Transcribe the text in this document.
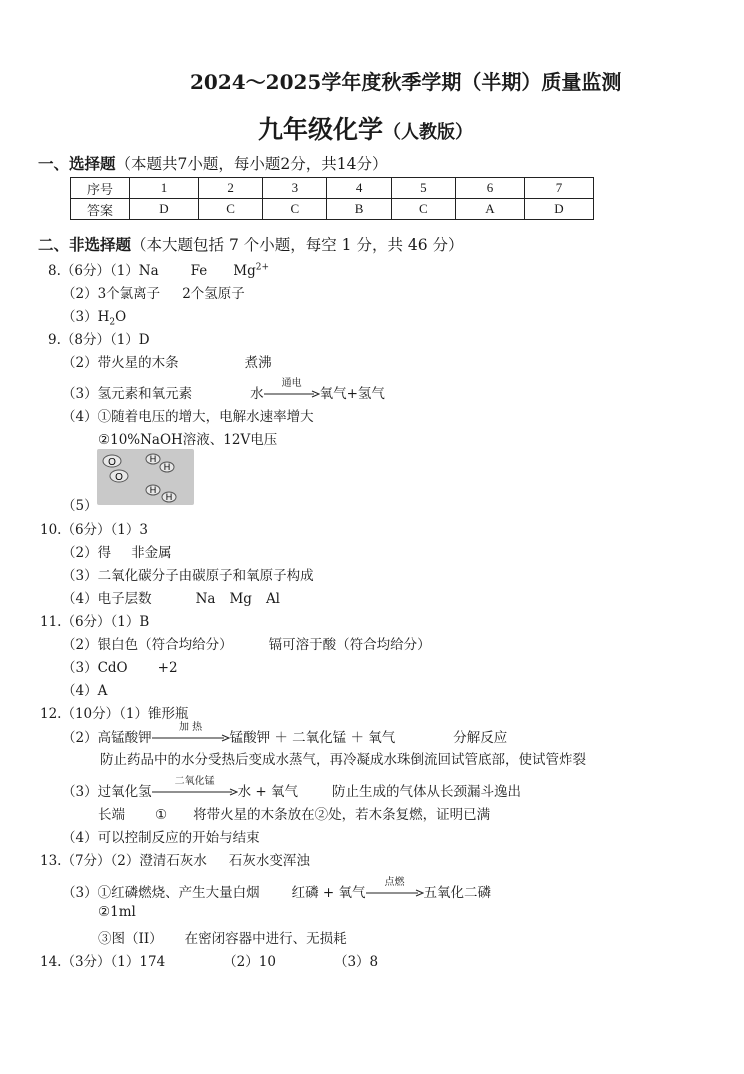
2024～2025学年度秋季学期（半期）质量监测
九年级化学（人教版）
一、选择题（本题共7小题，每小题2分，共14分）
序号	1	2	3	4	5	6	7
答案	D	C	C	B	C	A	D
二、非选择题（本大题包括 7 个小题，每空 1 分，共 46 分）
8.（6分）（1）Na Fe $Mg^{2+}$
（2）3个氯离子 2个氢原子
$(3)H_2O$
9.（8分）（1）D
（2）带火星的木条	煮沸
（3）氢元素和氧元素	水
通电
氧气+氢气
（4）①随着电压的增大，电解水速率增大
②10%NaOH溶液、12V电压
O
O
H
H
H
H
（5）
10.（6分）（1）3
（2）得 非金属
（3）二氧化碳分子由碳原子和氧原子构成
（4）电子层数	Na Mg Al
11.（6分）（1）B
（2）银白色（符合均给分）	镉可溶于酸（符合均给分）
（3）CdO +2
（4）A
12.（10分）（1）锥形瓶
（2）高锰酸钾
加 热
锰酸钾 ＋ 二氧化锰 ＋ 氧气	分解反应
防止药品中的水分受热后变成水蒸气，再冷凝成水珠倒流回试管底部，使试管炸裂
（3）过氧化氢
二氧化锰
水 + 氧气	防止生成的气体从长颈漏斗逸出
长端 ① 将带火星的木条放在②处，若木条复燃，证明已满
（4）可以控制反应的开始与结束
13.（7分）（2）澄清石灰水 石灰水变浑浊
（3）①红磷燃烧、产生大量白烟 红磷 + 氧气
点燃
五氧化二磷
②1ml
③图（II） 在密闭容器中进行、无损耗
14.（3分）（1）174	（2）10	（3）8
